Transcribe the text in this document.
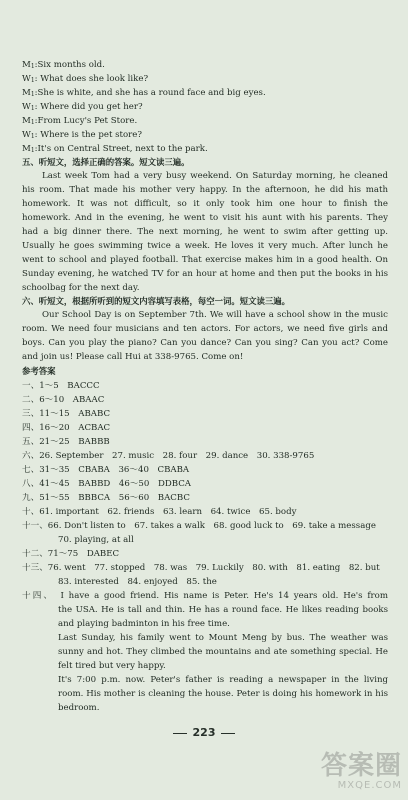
M1:Six months old.
W1: What does she look like?
M1:She is white, and she has a round face and big eyes.
W1: Where did you get her?
M1:From Lucy's Pet Store.
W1: Where is the pet store?
M1:It's on Central Street, next to the park.
五、听短文，选择正确的答案。短文读三遍。
Last week Tom had a very busy weekend. On Saturday morning, he cleaned
his room. That made his mother very happy. In the afternoon, he did his math
homework. It was not difficult, so it only took him one hour to finish the
homework. And in the evening, he went to visit his aunt with his parents. They
had a big dinner there. The next morning, he went to swim after getting up.
Usually he goes swimming twice a week. He loves it very much. After lunch he
went to school and played football. That exercise makes him in a good health. On
Sunday evening, he watched TV for an hour at home and then put the books in his
schoolbag for the next day.
六、听短文，根据所听到的短文内容填写表格，每空一词。短文读三遍。
Our School Day is on September 7th. We will have a school show in the music
room. We need four musicians and ten actors. For actors, we need five girls and
boys. Can you play the piano? Can you dance? Can you sing? Can you act? Come
and join us! Please call Hui at 338-9765. Come on!
参考答案
一、1～5　BACCC
二、6～10　ABAAC
三、11～15　ABABC
四、16～20　ACBAC
五、21～25　BABBB
六、26. September　27. music　28. four　29. dance　30. 338-9765
七、31～35　CBABA　36～40　CBABA
八、41～45　BABBD　46～50　DDBCA
九、51～55　BBBCA　56～60　BACBC
十、61. important　62. friends　63. learn　64. twice　65. body
十一、66. Don't listen to　67. takes a walk　68. good luck to　69. take a message
70. playing, at all
十二、71～75　DABEC
十三、76. went　77. stopped　78. was　79. Luckily　80. with　81. eating　82. but
83. interested　84. enjoyed　85. the
十四、　I have a good friend. His name is Peter. He's 14 years old. He's from
the USA. He is tall and thin. He has a round face. He likes reading books
and playing badminton in his free time.
Last Sunday, his family went to Mount Meng by bus. The weather was
sunny and hot. They climbed the mountains and ate something special. He
felt tired but very happy.
It's 7:00 p.m. now. Peter's father is reading a newspaper in the living
room. His mother is cleaning the house. Peter is doing his homework in his
bedroom.
223
答案圈
MXQE.COM
